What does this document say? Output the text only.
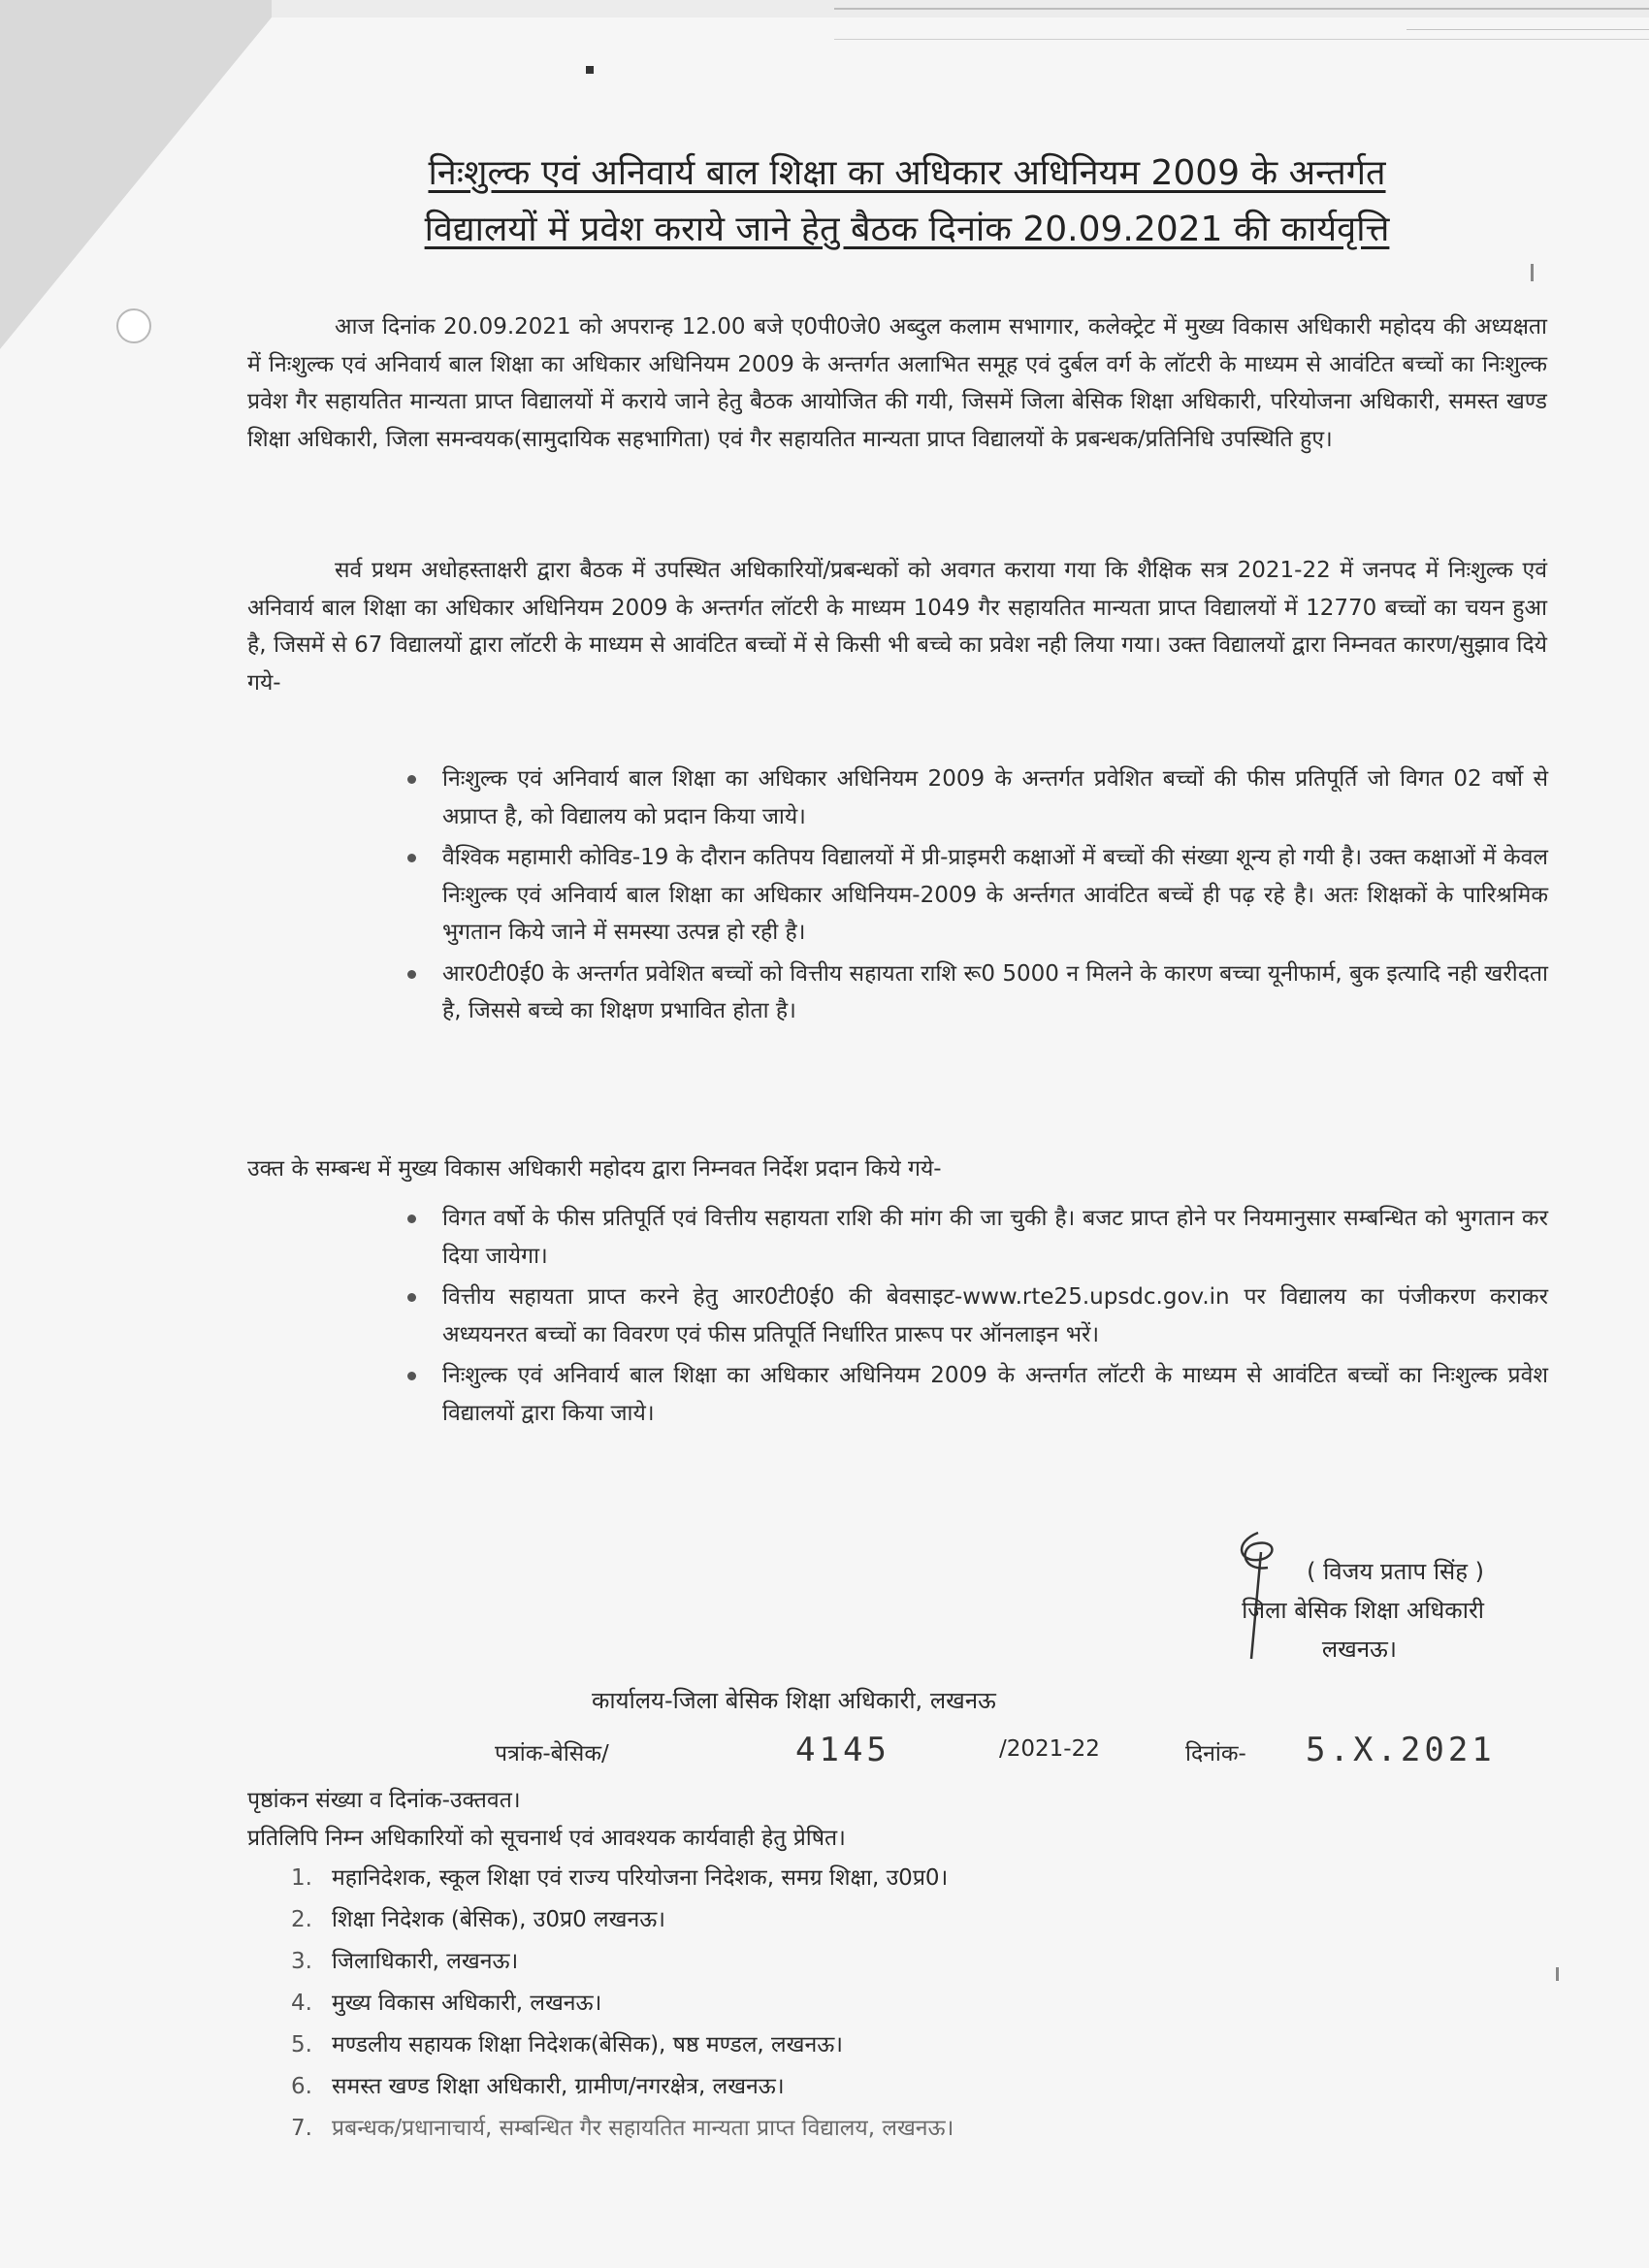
निःशुल्क एवं अनिवार्य बाल शिक्षा का अधिकार अधिनियम 2009 के अन्तर्गत
विद्यालयों में प्रवेश कराये जाने हेतु बैठक दिनांक 20.09.2021 की कार्यवृत्ति
आज दिनांक 20.09.2021 को अपरान्ह 12.00 बजे ए0पी0जे0 अब्दुल कलाम सभागार, कलेक्ट्रेट में मुख्य विकास अधिकारी महोदय की अध्यक्षता में निःशुल्क एवं अनिवार्य बाल शिक्षा का अधिकार अधिनियम 2009 के अन्तर्गत अलाभित समूह एवं दुर्बल वर्ग के लॉटरी के माध्यम से आवंटित बच्चों का निःशुल्क प्रवेश गैर सहायतित मान्यता प्राप्त विद्यालयों में कराये जाने हेतु बैठक आयोजित की गयी, जिसमें जिला बेसिक शिक्षा अधिकारी, परियोजना अधिकारी, समस्त खण्ड शिक्षा अधिकारी, जिला समन्वयक(सामुदायिक सहभागिता) एवं गैर सहायतित मान्यता प्राप्त विद्यालयों के प्रबन्धक/प्रतिनिधि उपस्थिति हुए।
सर्व प्रथम अधोहस्ताक्षरी द्वारा बैठक में उपस्थित अधिकारियों/प्रबन्धकों को अवगत कराया गया कि शैक्षिक सत्र 2021-22 में जनपद में निःशुल्क एवं अनिवार्य बाल शिक्षा का अधिकार अधिनियम 2009 के अन्तर्गत लॉटरी के माध्यम 1049 गैर सहायतित मान्यता प्राप्त विद्यालयों में 12770 बच्चों का चयन हुआ है, जिसमें से 67 विद्यालयों द्वारा लॉटरी के माध्यम से आवंटित बच्चों में से किसी भी बच्चे का प्रवेश नही लिया गया। उक्त विद्यालयों द्वारा निम्नवत कारण/सुझाव दिये गये-
निःशुल्क एवं अनिवार्य बाल शिक्षा का अधिकार अधिनियम 2009 के अन्तर्गत प्रवेशित बच्चों की फीस प्रतिपूर्ति जो विगत 02 वर्षो से अप्राप्त है, को विद्यालय को प्रदान किया जाये।
वैश्विक महामारी कोविड-19 के दौरान कतिपय विद्यालयों में प्री-प्राइमरी कक्षाओं में बच्चों की संख्या शून्य हो गयी है। उक्त कक्षाओं में केवल निःशुल्क एवं अनिवार्य बाल शिक्षा का अधिकार अधिनियम-2009 के अर्न्तगत आवंटित बच्चें ही पढ़ रहे है। अतः शिक्षकों के पारिश्रमिक भुगतान किये जाने में समस्या उत्पन्न हो रही है।
आर0टी0ई0 के अन्तर्गत प्रवेशित बच्चों को वित्तीय सहायता राशि रू0 5000 न मिलने के कारण बच्चा यूनीफार्म, बुक इत्यादि नही खरीदता है, जिससे बच्चे का शिक्षण प्रभावित होता है।
उक्त के सम्बन्ध में मुख्य विकास अधिकारी महोदय द्वारा निम्नवत निर्देश प्रदान किये गये-
विगत वर्षो के फीस प्रतिपूर्ति एवं वित्तीय सहायता राशि की मांग की जा चुकी है। बजट प्राप्त होने पर नियमानुसार सम्बन्धित को भुगतान कर दिया जायेगा।
वित्तीय सहायता प्राप्त करने हेतु आर0टी0ई0 की बेवसाइट-www.rte25.upsdc.gov.in पर विद्यालय का पंजीकरण कराकर अध्ययनरत बच्चों का विवरण एवं फीस प्रतिपूर्ति निर्धारित प्रारूप पर ऑनलाइन भरें।
निःशुल्क एवं अनिवार्य बाल शिक्षा का अधिकार अधिनियम 2009 के अन्तर्गत लॉटरी के माध्यम से आवंटित बच्चों का निःशुल्क प्रवेश विद्यालयों द्वारा किया जाये।
( विजय प्रताप सिंह )
जिला बेसिक शिक्षा अधिकारी
लखनऊ।
कार्यालय-जिला बेसिक शिक्षा अधिकारी, लखनऊ
पत्रांक-बेसिक/	4145	/2021-22	दिनांक- 5.X.2021
पृष्ठांकन संख्या व दिनांक-उक्तवत।
प्रतिलिपि निम्न अधिकारियों को सूचनार्थ एवं आवश्यक कार्यवाही हेतु प्रेषित।
1. महानिदेशक, स्कूल शिक्षा एवं राज्य परियोजना निदेशक, समग्र शिक्षा, उ0प्र0।
2. शिक्षा निदेशक (बेसिक), उ0प्र0 लखनऊ।
3. जिलाधिकारी, लखनऊ।
4. मुख्य विकास अधिकारी, लखनऊ।
5. मण्डलीय सहायक शिक्षा निदेशक(बेसिक), षष्ठ मण्डल, लखनऊ।
6. समस्त खण्ड शिक्षा अधिकारी, ग्रामीण/नगरक्षेत्र, लखनऊ।
7. प्रबन्धक/प्रधानाचार्य, सम्बन्धित गैर सहायतित मान्यता प्राप्त विद्यालय, लखनऊ।
